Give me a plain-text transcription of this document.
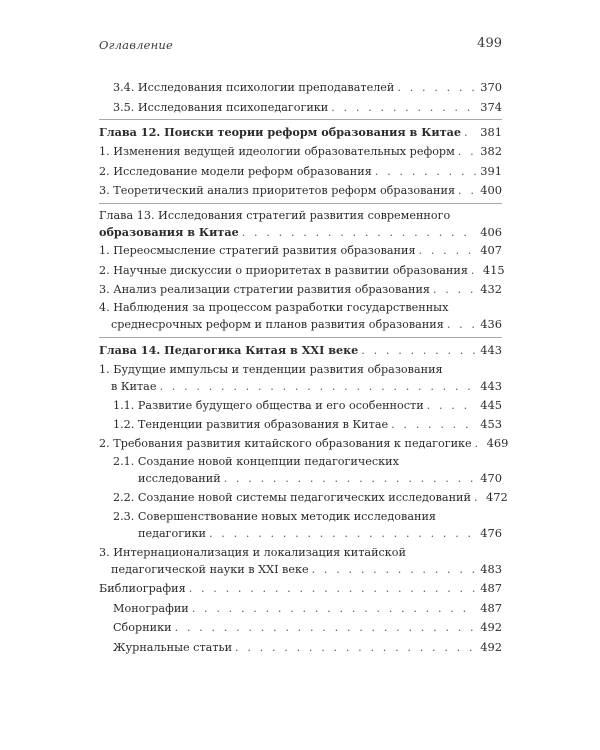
Оглавление	499
3.4. Исследования психологии преподавателей . . .	370
3.5. Исследования психопедагогики . . .	374
Глава 12. Поиски теории реформ образования в Китае . . .	381
1. Изменения ведущей идеологии образовательных реформ . . .	382
2. Исследование модели реформ образования . . .	391
3. Теоретический анализ приоритетов реформ образования . . .	400
Глава 13. Исследования стратегий развития современного
образования в Китае . . .	406
1. Переосмысление стратегий развития образования . . .	407
2. Научные дискуссии о приоритетах в развитии образования . . .	415
3. Анализ реализации стратегии развития образования . . .	432
4. Наблюдения за процессом разработки государственных
среднесрочных реформ и планов развития образования . . .	436
Глава 14. Педагогика Китая в XXI веке . . .	443
1. Будущие импульсы и тенденции развития образования
в Китае . . .	443
1.1. Развитие будущего общества и его особенности . . .	445
1.2. Тенденции развития образования в Китае . . .	453
2. Требования развития китайского образования к педагогике . . .	469
2.1. Создание новой концепции педагогических
исследований . . .	470
2.2. Создание новой системы педагогических исследований . . .	472
2.3. Совершенствование новых методик исследования
педагогики . . .	476
3. Интернационализация и локализация китайской
педагогической науки в XXI веке . . .	483
Библиография . . .	487
Монографии . . .	487
Сборники . . .	492
Журнальные статьи . . .	492
